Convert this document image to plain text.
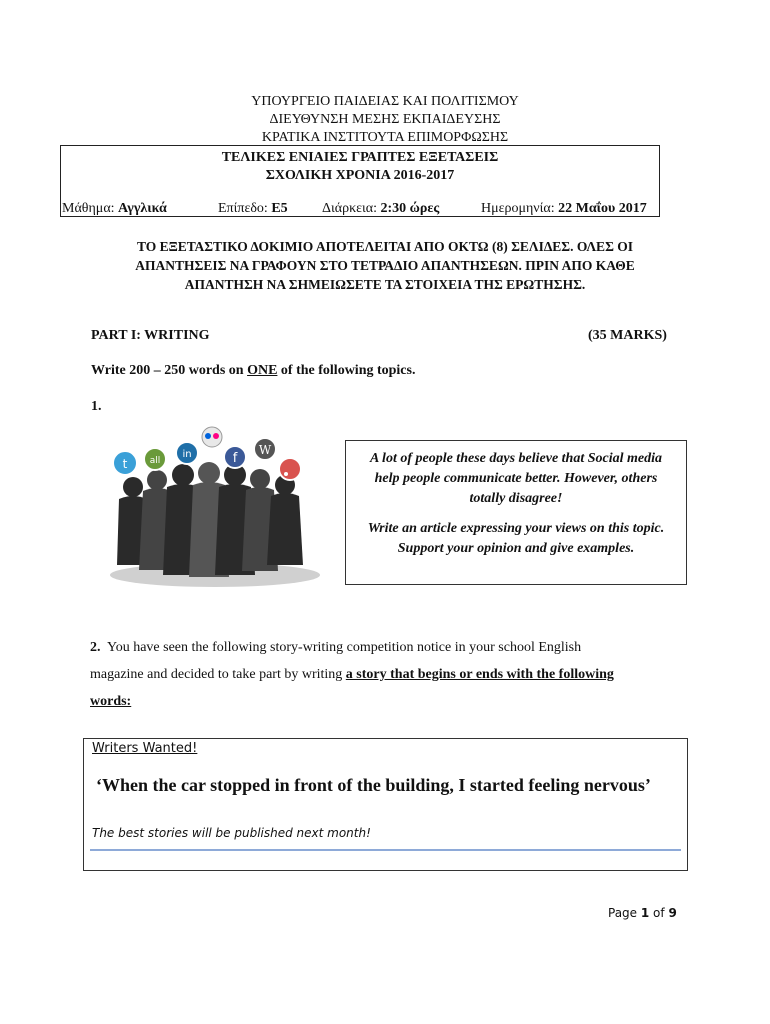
ΥΠΟΥΡΓΕΙΟ ΠΑΙΔΕΙΑΣ ΚΑΙ ΠΟΛΙΤΙΣΜΟΥ
ΔΙΕΥΘΥΝΣΗ ΜΕΣΗΣ ΕΚΠΑΙΔΕΥΣΗΣ
ΚΡΑΤΙΚΑ ΙΝΣΤΙΤΟΥΤΑ ΕΠΙΜΟΡΦΩΣΗΣ
ΤΕΛΙΚΕΣ ΕΝΙΑΙΕΣ ΓΡΑΠΤΕΣ ΕΞΕΤΑΣΕΙΣ
ΣΧΟΛΙΚΗ ΧΡΟΝΙΑ 2016-2017
Μάθημα: Αγγλικά	Επίπεδο: Ε5 Διάρκεια: 2:30 ώρες	Ημερομηνία: 22 Μαΐου 2017
ΤΟ ΕΞΕΤΑΣΤΙΚΟ ΔΟΚΙΜΙΟ ΑΠΟΤΕΛΕΙΤΑΙ ΑΠΟ ΟΚΤΩ (8) ΣΕΛΙΔΕΣ. ΟΛΕΣ ΟΙ
ΑΠΑΝΤΗΣΕΙΣ ΝΑ ΓΡΑΦΟΥΝ ΣΤΟ ΤΕΤΡΑΔΙΟ ΑΠΑΝΤΗΣΕΩΝ. ΠΡΙΝ ΑΠΟ ΚΑΘΕ
ΑΠΑΝΤΗΣΗ ΝΑ ΣΗΜΕΙΩΣΕΤΕ ΤΑ ΣΤΟΙΧΕΙΑ ΤΗΣ ΕΡΩΤΗΣΗΣ.
PART I: WRITING	(35 MARKS)
Write 200 – 250 words on ONE of the following topics.
1.
t all
in	f
W

A lot of people these days believe that Social media help people communicate better. However, others totally disagree!

Write an article expressing your views on this topic. Support your opinion and give examples.

2. You have seen the following story-writing competition notice in your school English
magazine and decided to take part by writing a story that begins or ends with the following
words:
Writers Wanted!
‘When the car stopped in front of the building, I started feeling nervous’
The best stories will be published next month!
Page 1 of 9
